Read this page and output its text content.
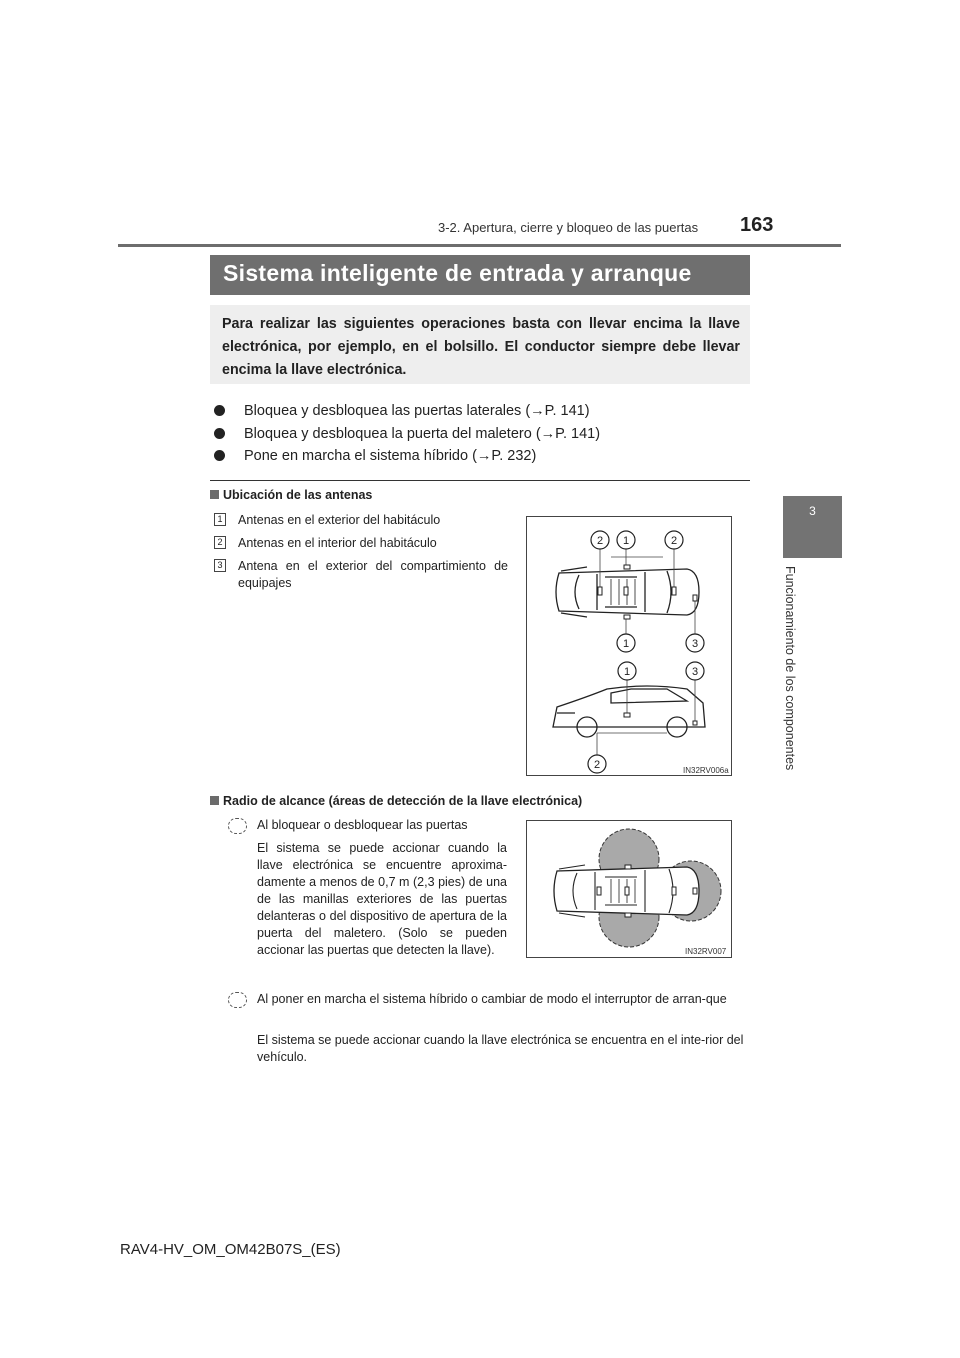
3-2. Apertura, cierre y bloqueo de las puertas 163
3
Funcionamiento de los componentes
Sistema inteligente de entrada y arranque
Para realizar las siguientes operaciones basta con llevar encima la llave electrónica, por ejemplo, en el bolsillo. El conductor siempre debe llevar encima la llave electrónica.
Bloquea y desbloquea las puertas laterales (→P. 141)
Bloquea y desbloquea la puerta del maletero (→P. 141)
Pone en marcha el sistema híbrido (→P. 232)
Ubicación de las antenas
1 Antenas en el exterior del habitáculo
2 Antenas en el interior del habitáculo
3 Antena en el exterior del compartimiento de equipajes
2 1	2
1	3
1	3
2	IN32RV006a
Radio de alcance (áreas de detección de la llave electrónica)
Al bloquear o desbloquear las puertas
El sistema se puede accionar cuando la llave electrónica se encuentre aproxima-damente a menos de 0,7 m (2,3 pies) de una de las manillas exteriores de las puertas delanteras o del dispositivo de apertura de la puerta del maletero. (Solo se pueden accionar las puertas que detecten la llave).	IN32RV007
Al poner en marcha el sistema híbrido o cambiar de modo el interruptor de arran-que
El sistema se puede accionar cuando la llave electrónica se encuentra en el inte-rior del vehículo.
RAV4-HV_OM_OM42B07S_(ES)
